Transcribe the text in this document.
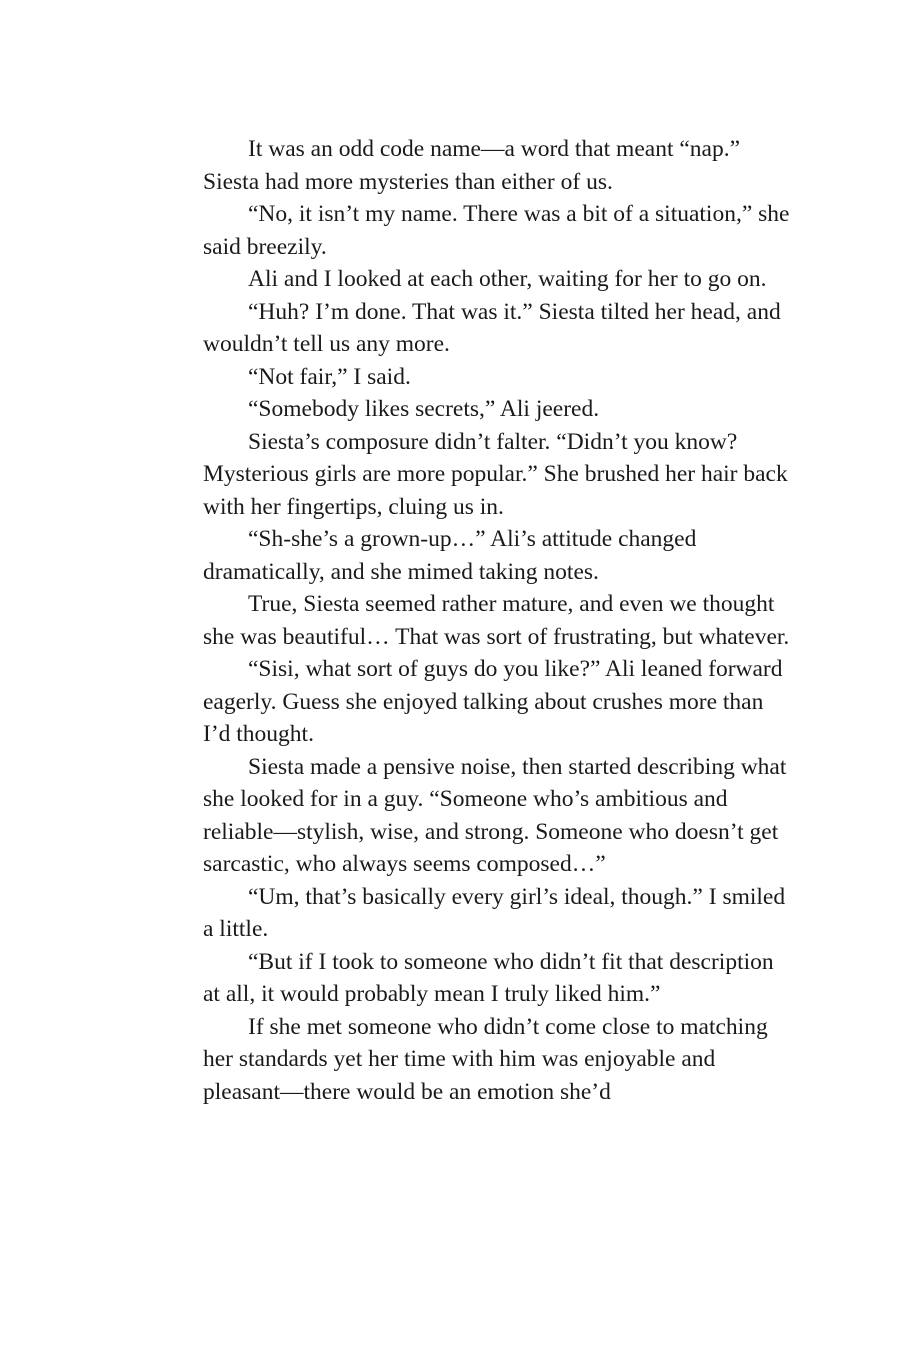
It was an odd code name—a word that meant “nap.” Siesta had more mysteries than either of us.

“No, it isn’t my name. There was a bit of a situation,” she said breezily.

Ali and I looked at each other, waiting for her to go on.

“Huh? I’m done. That was it.” Siesta tilted her head, and wouldn’t tell us any more.

“Not fair,” I said.

“Somebody likes secrets,” Ali jeered.

Siesta’s composure didn’t falter. “Didn’t you know? Mysterious girls are more popular.” She brushed her hair back with her fingertips, cluing us in.

“Sh-she’s a grown-up…” Ali’s attitude changed dramatically, and she mimed taking notes.

True, Siesta seemed rather mature, and even we thought she was beautiful… That was sort of frustrating, but whatever.

“Sisi, what sort of guys do you like?” Ali leaned forward eagerly. Guess she enjoyed talking about crushes more than I’d thought.

Siesta made a pensive noise, then started describing what she looked for in a guy. “Someone who’s ambitious and reliable—stylish, wise, and strong. Someone who doesn’t get sarcastic, who always seems composed…”

“Um, that’s basically every girl’s ideal, though.” I smiled a little.

“But if I took to someone who didn’t fit that description at all, it would probably mean I truly liked him.”

If she met someone who didn’t come close to matching her standards yet her time with him was enjoyable and pleasant—there would be an emotion she’d
